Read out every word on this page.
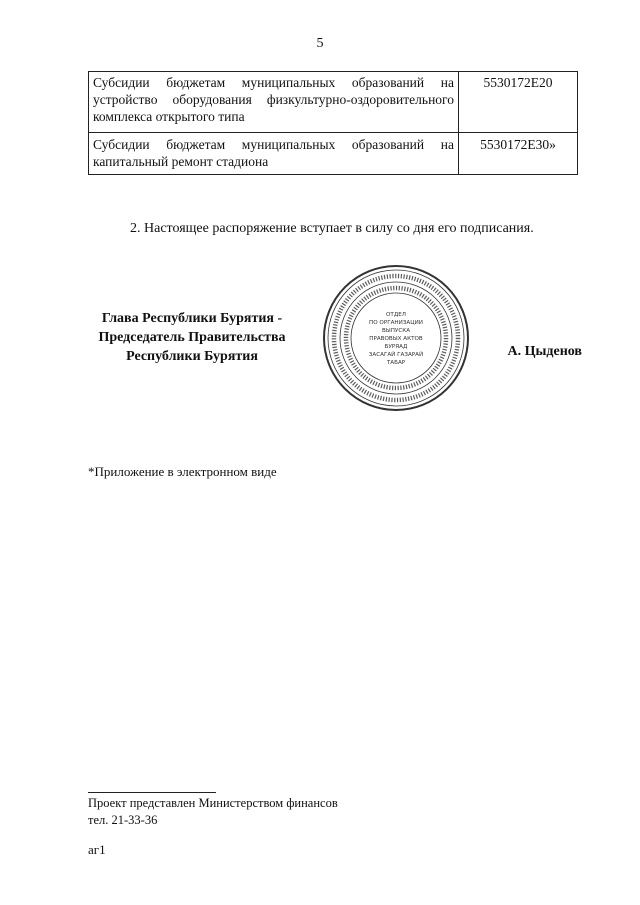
5
Субсидии бюджетам муниципальных образований на устройство оборудования физкультурно-оздоровительного комплекса открытого типа	5530172E20
Субсидии бюджетам муниципальных образований на капитальный ремонт стадиона	5530172E30»
2. Настоящее распоряжение вступает в силу со дня его подписания.
Глава Республики Бурятия -
Председатель Правительства
Республики Бурятия
ОТДЕЛ
ПО ОРГАНИЗАЦИИ
ВЫПУСКА
ПРАВОВЫХ АКТОВ
БУРЯАД
ЗАСАГАЙ ГАЗАРАЙ
ТАБАР
А. Цыденов
*Приложение в электронном виде
Проект представлен Министерством финансов
тел. 21-33-36
аг1
